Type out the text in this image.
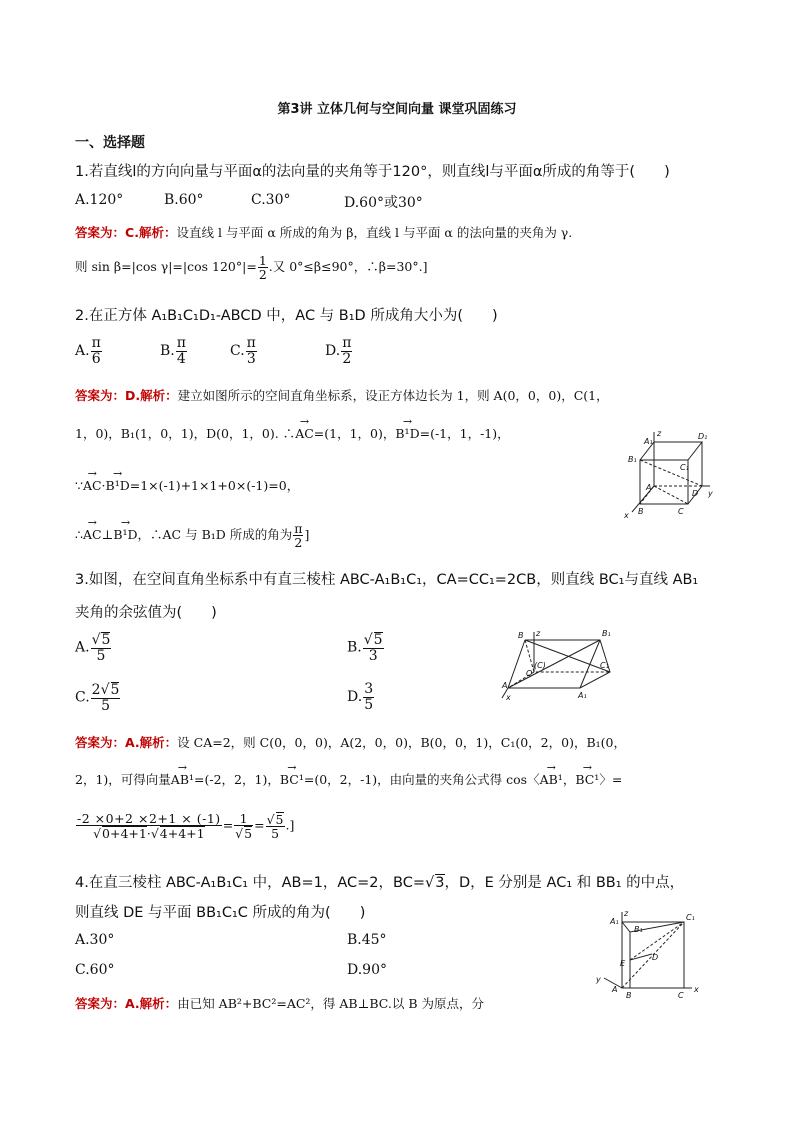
第3讲 立体几何与空间向量 课堂巩固练习
一、选择题
1.若直线l的方向向量与平面α的法向量的夹角等于120°，则直线l与平面α所成的角等于(　　)
A.120°	B.60°	C.30°	D.60°或30°
答案为：C.解析：设直线 l 与平面 α 所成的角为 β，直线 l 与平面 α 的法向量的夹角为 γ.
则 sin β=|cos γ|=|cos $120^\circ|= \frac{1}{2}$ .又 0°≤β≤90°，∴β=30°.]
2.在正方体 A₁B₁C₁D₁-ABCD 中，AC 与 B₁D 所成角大小为(　　)
A. $\frac{\pi}{6}$	B. $\frac{\pi}{4}$	C. $\frac{\pi}{3}$	D. $\frac{\pi}{2}$
答案为：D.解析：建立如图所示的空间直角坐标系，设正方体边长为 1，则 A(0，0，0)，C(1，
1，0)，B₁(1，0，1)，D(0，1，0). ∴→ AC=(1，1，0)，→ B¹D=(-1，1，-1)，
∵→ AC·→ B¹D=1×(-1)+1×1+0×(-1)=0，
∴→ AC⊥→ B¹D，∴AC 与 B₁D 所成的角为 $\frac{\pi}{2}$ ]
z
A₁
D₁
B₁
C₁
A
D y
B	C
x
3.如图，在空间直角坐标系中有直三棱柱 ABC-A₁B₁C₁，CA=CC₁=2CB，则直线 BC₁与直线 AB₁
夹角的余弦值为(　　)
A. $\frac{√5}{5}$	B. $\frac{√5}{3}$
C. $\frac{2√5}{5}$	D. $\frac{3}{5}$
B z	B₁
C₁
(C)
O
A
x	A₁
答案为：A.解析：设 CA=2，则 C(0，0，0)，A(2，0，0)，B(0，0，1)，C₁(0，2，0)，B₁(0，
2，1)，可得向量→ AB¹=(-2，2，1)，→ BC¹=(0，2，-1)，由向量的夹角公式得 cos〈→ AB¹，→ BC¹〉=
$\frac{-2 \times 0+2 \times 2+1 \times (-1)}{√0+4+1\cdot√4+4+1} = \frac{1}{√5} = \frac{√5}{5}$ .]
4.在直三棱柱 ABC-A₁B₁C₁ 中，AB=1，AC=2，BC=√3，D，E 分别是 AC₁ 和 BB₁ 的中点，
则直线 DE 与平面 BB₁C₁C 所成的角为(　　)
A.30°	B.45°
C.60°	D.90°
答案为：A.解析：由已知 AB²+BC²=AC²，得 AB⊥BC.以 B 为原点，分
z
A₁	C₁
B₁
D
E
y
A
B	C
x
